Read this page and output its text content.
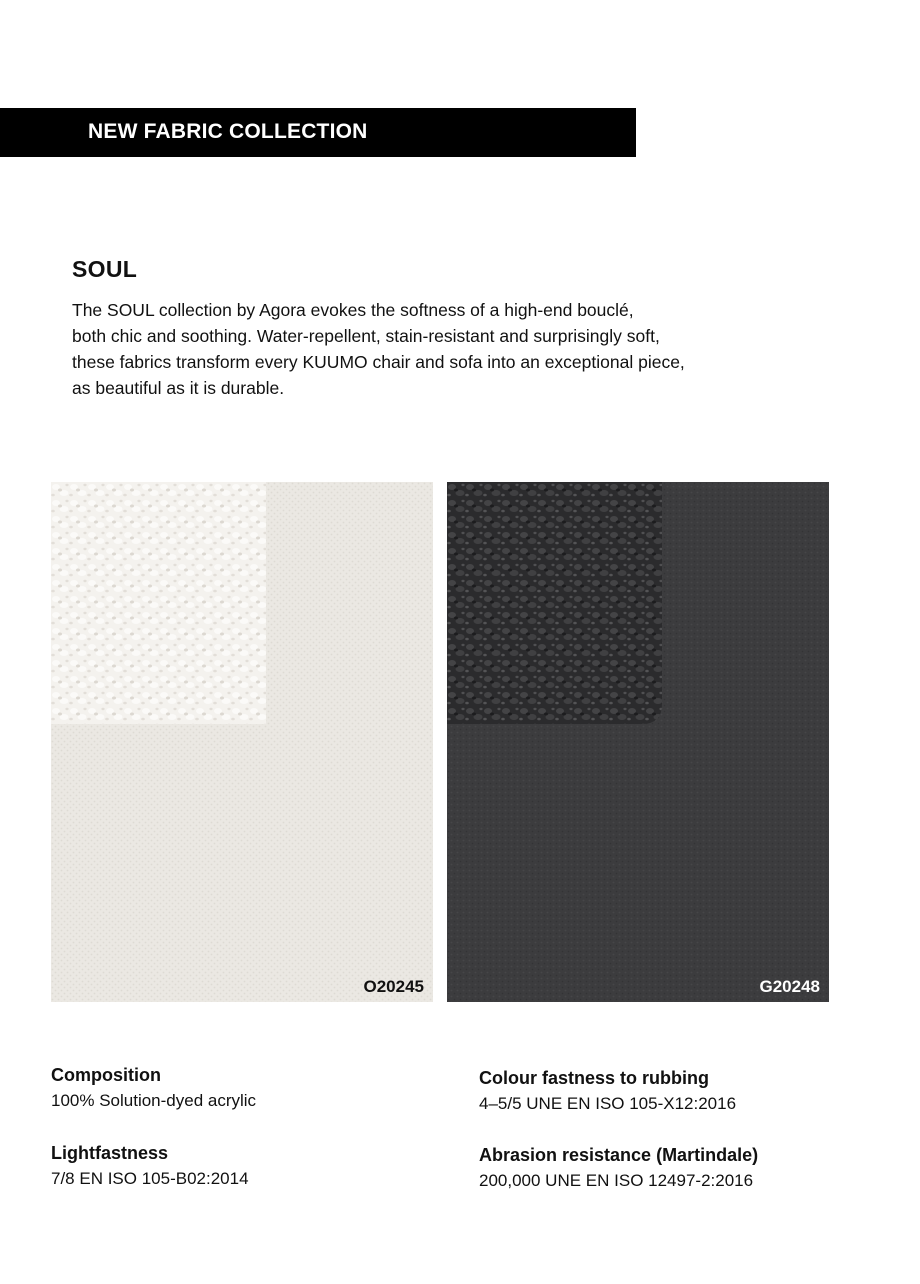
NEW FABRIC COLLECTION
SOUL

The SOUL collection by Agora evokes the softness of a high-end bouclé,
both chic and soothing. Water-repellent, stain-resistant and surprisingly soft,
these fabrics transform every KUUMO chair and sofa into an exceptional piece,
as beautiful as it is durable.

O20245	G20248
Composition
100% Solution-dyed acrylic
Lightfastness
7/8 EN ISO 105-B02:2014
Colour fastness to rubbing
4–5/5 UNE EN ISO 105-X12:2016
Abrasion resistance (Martindale)
200,000 UNE EN ISO 12497-2:2016
